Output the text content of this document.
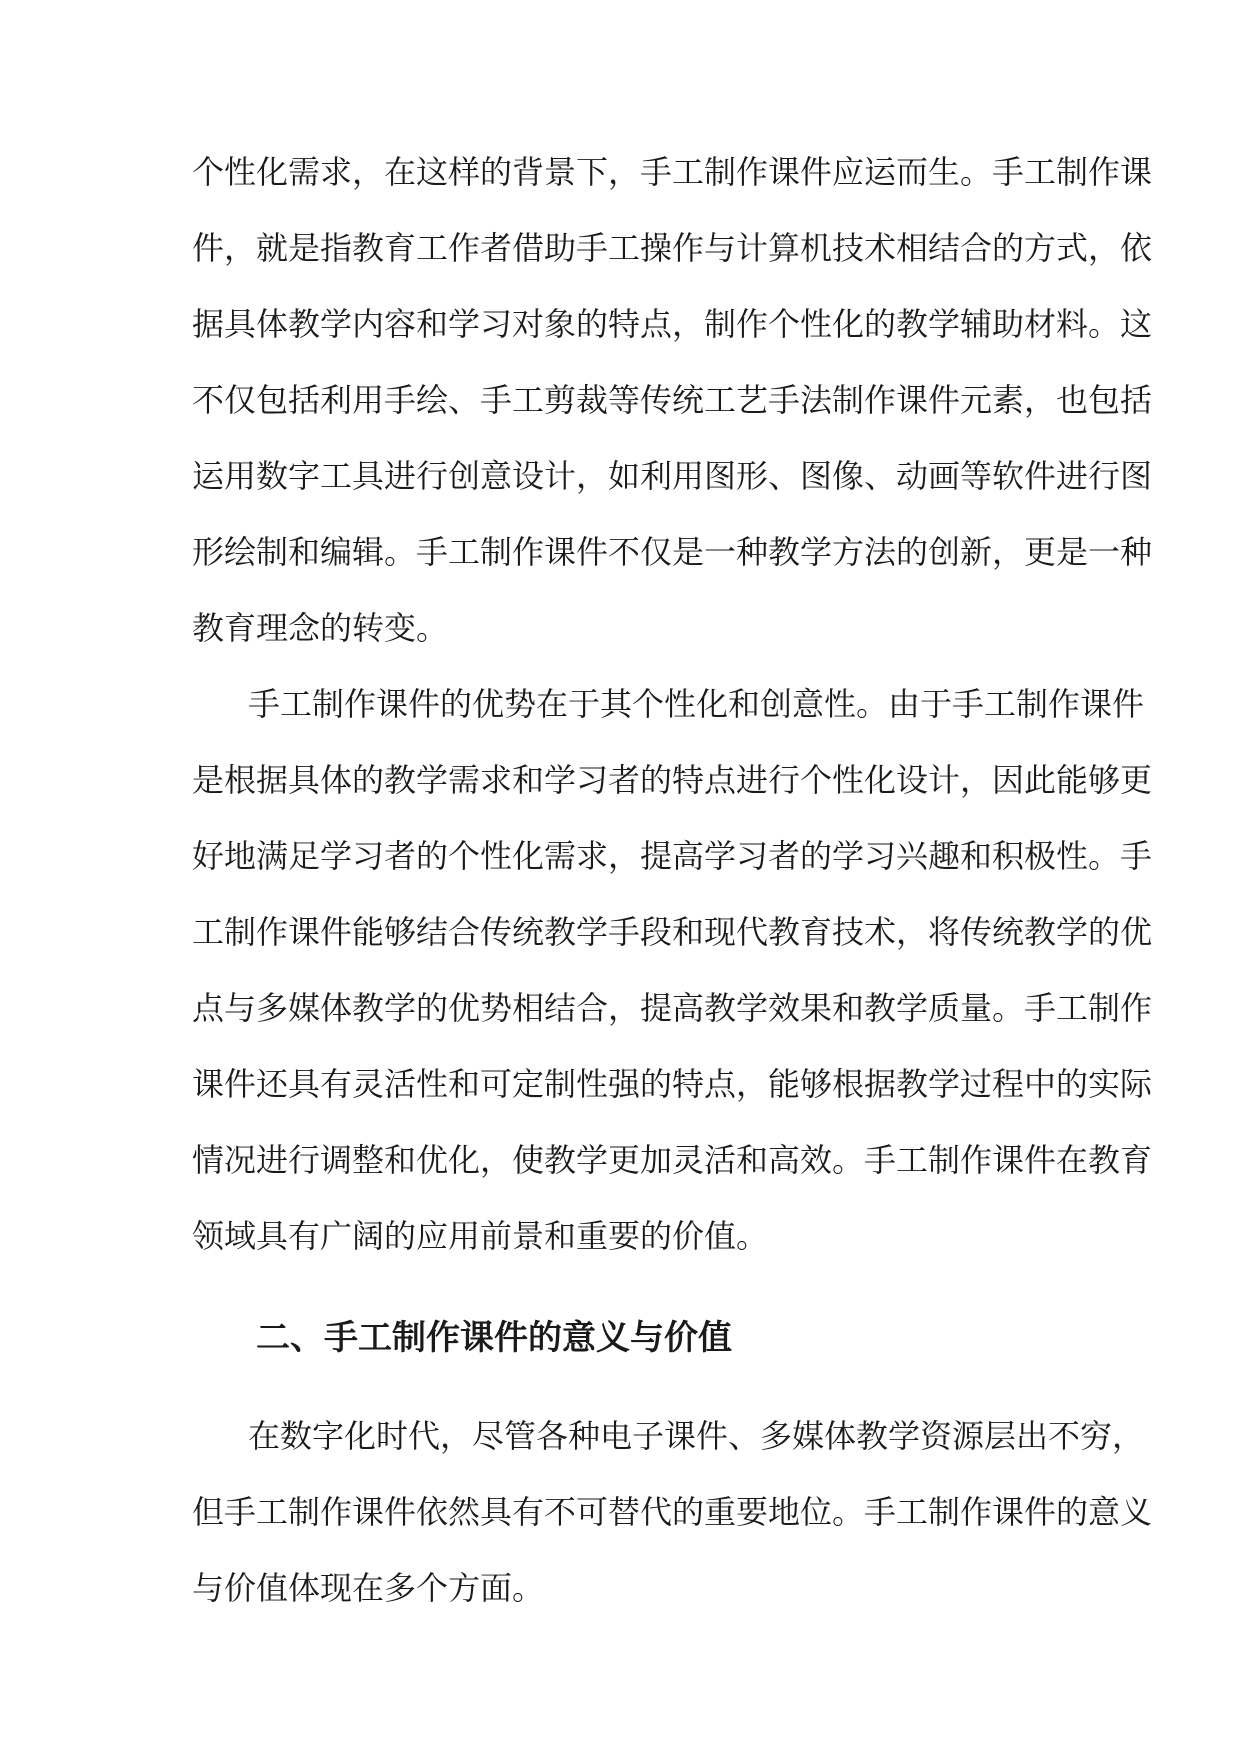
个性化需求，在这样的背景下，手工制作课件应运而生。手工制作课
件，就是指教育工作者借助手工操作与计算机技术相结合的方式，依
据具体教学内容和学习对象的特点，制作个性化的教学辅助材料。这
不仅包括利用手绘、手工剪裁等传统工艺手法制作课件元素，也包括
运用数字工具进行创意设计，如利用图形、图像、动画等软件进行图
形绘制和编辑。手工制作课件不仅是一种教学方法的创新，更是一种
教育理念的转变。
手工制作课件的优势在于其个性化和创意性。由于手工制作课件
是根据具体的教学需求和学习者的特点进行个性化设计，因此能够更
好地满足学习者的个性化需求，提高学习者的学习兴趣和积极性。手
工制作课件能够结合传统教学手段和现代教育技术，将传统教学的优
点与多媒体教学的优势相结合，提高教学效果和教学质量。手工制作
课件还具有灵活性和可定制性强的特点，能够根据教学过程中的实际
情况进行调整和优化，使教学更加灵活和高效。手工制作课件在教育
领域具有广阔的应用前景和重要的价值。
二、手工制作课件的意义与价值
在数字化时代，尽管各种电子课件、多媒体教学资源层出不穷，
但手工制作课件依然具有不可替代的重要地位。手工制作课件的意义
与价值体现在多个方面。
